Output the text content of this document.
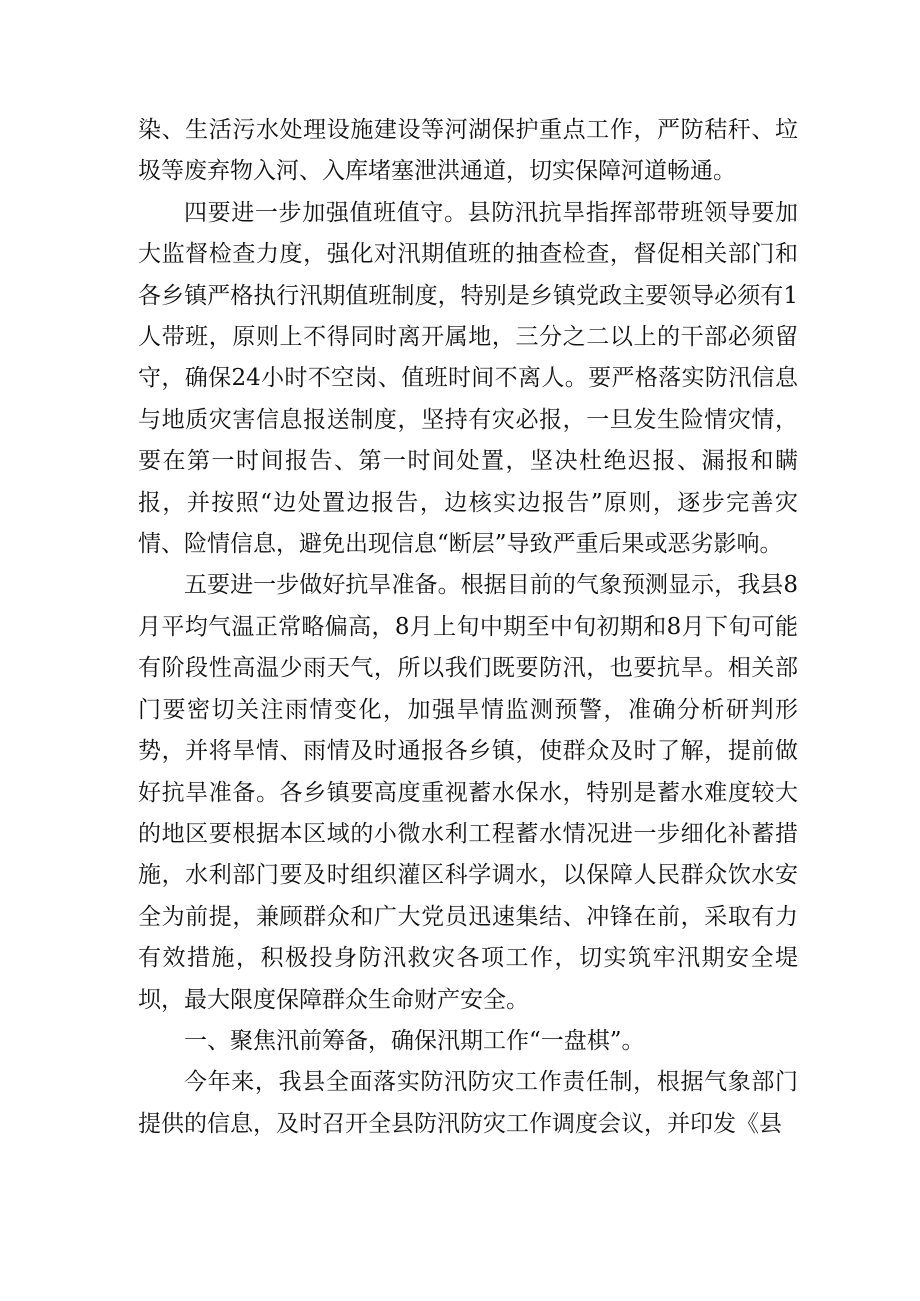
染、生活污水处理设施建设等河湖保护重点工作，严防秸秆、垃圾等废弃物入河、入库堵塞泄洪通道，切实保障河道畅通。

四要进一步加强值班值守。县防汛抗旱指挥部带班领导要加大监督检查力度，强化对汛期值班的抽查检查，督促相关部门和各乡镇严格执行汛期值班制度，特别是乡镇党政主要领导必须有1人带班，原则上不得同时离开属地，三分之二以上的干部必须留守，确保24小时不空岗、值班时间不离人。要严格落实防汛信息与地质灾害信息报送制度，坚持有灾必报，一旦发生险情灾情，要在第一时间报告、第一时间处置，坚决杜绝迟报、漏报和瞒报，并按照“边处置边报告，边核实边报告”原则，逐步完善灾情、险情信息，避免出现信息“断层”导致严重后果或恶劣影响。

五要进一步做好抗旱准备。根据目前的气象预测显示，我县8月平均气温正常略偏高，8月上旬中期至中旬初期和8月下旬可能有阶段性高温少雨天气，所以我们既要防汛，也要抗旱。相关部门要密切关注雨情变化，加强旱情监测预警，准确分析研判形势，并将旱情、雨情及时通报各乡镇，使群众及时了解，提前做好抗旱准备。各乡镇要高度重视蓄水保水，特别是蓄水难度较大的地区要根据本区域的小微水利工程蓄水情况进一步细化补蓄措施，水利部门要及时组织灌区科学调水，以保障人民群众饮水安全为前提，兼顾群众和广大党员迅速集结、冲锋在前，采取有力有效措施，积极投身防汛救灾各项工作，切实筑牢汛期安全堤坝，最大限度保障群众生命财产安全。

一、聚焦汛前筹备，确保汛期工作“一盘棋”。

今年来，我县全面落实防汛防灾工作责任制，根据气象部门提供的信息，及时召开全县防汛防灾工作调度会议，并印发《县
